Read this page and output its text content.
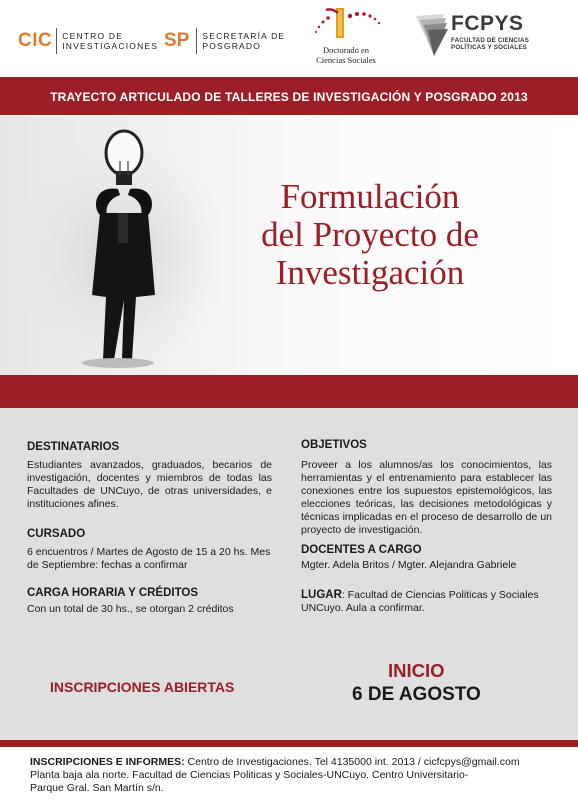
CIC CENTRO DE
INVESTIGACIONES SP SECRETARÍA DE
POSGRADO	Doctorado en
Ciencias Sociales
FCPYS
FACULTAD DE CIENCIAS
POLÍTICAS Y SOCIALES
TRAYECTO ARTICULADO DE TALLERES DE INVESTIGACIÓN Y POSGRADO 2013
Formulación
del Proyecto de
Investigación
DESTINATARIOS
Estudiantes avanzados, graduados, becarios de investigación, docentes y miembros de todas las Facultades de UNCuyo, de otras universidades, e instituciones afines.
CURSADO
6 encuentros / Martes de Agosto de 15 a 20 hs. Mes
de Septiembre: fechas a confirmar
CARGA HORARIA Y CRÉDITOS
Con un total de 30 hs., se otorgan 2 créditos
OBJETIVOS
Proveer a los alumnos/as los conocimientos, las herramientas y el entrenamiento para establecer las conexiones entre los supuestos epistemológicos, las elecciones teóricas, las decisiones metodológicas y técnicas implicadas en el proceso de desarrollo de un proyecto de investigación.
DOCENTES A CARGO
Mgter. Adela Britos / Mgter. Alejandra Gabriele
LUGAR: Facultad de Ciencias Politicas y Sociales
UNCuyo. Aula a confirmar.
INSCRIPCIONES ABIERTAS
INICIO
6 DE AGOSTO
INSCRIPCIONES E INFORMES: Centro de Investigaciones. Tel 4135000 int. 2013 / cicfcpys@gmail.com
Planta baja ala norte. Facultad de Ciencias Politicas y Sociales-UNCuyo. Centro Universitario-
Parque Gral. San Martín s/n.
